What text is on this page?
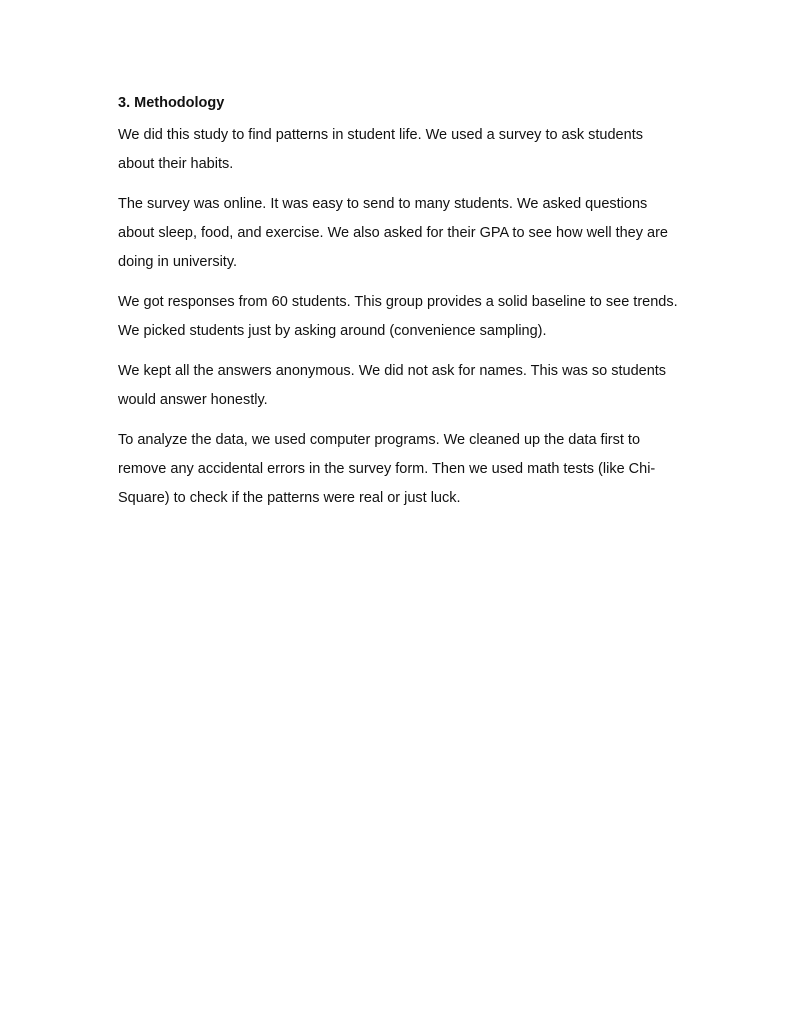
3. Methodology

We did this study to find patterns in student life. We used a survey to ask students about their habits.

The survey was online. It was easy to send to many students. We asked questions about sleep, food, and exercise. We also asked for their GPA to see how well they are doing in university.

We got responses from 60 students. This group provides a solid baseline to see trends. We picked students just by asking around (convenience sampling).

We kept all the answers anonymous. We did not ask for names. This was so students would answer honestly.

To analyze the data, we used computer programs. We cleaned up the data first to remove any accidental errors in the survey form. Then we used math tests (like Chi-Square) to check if the patterns were real or just luck.
